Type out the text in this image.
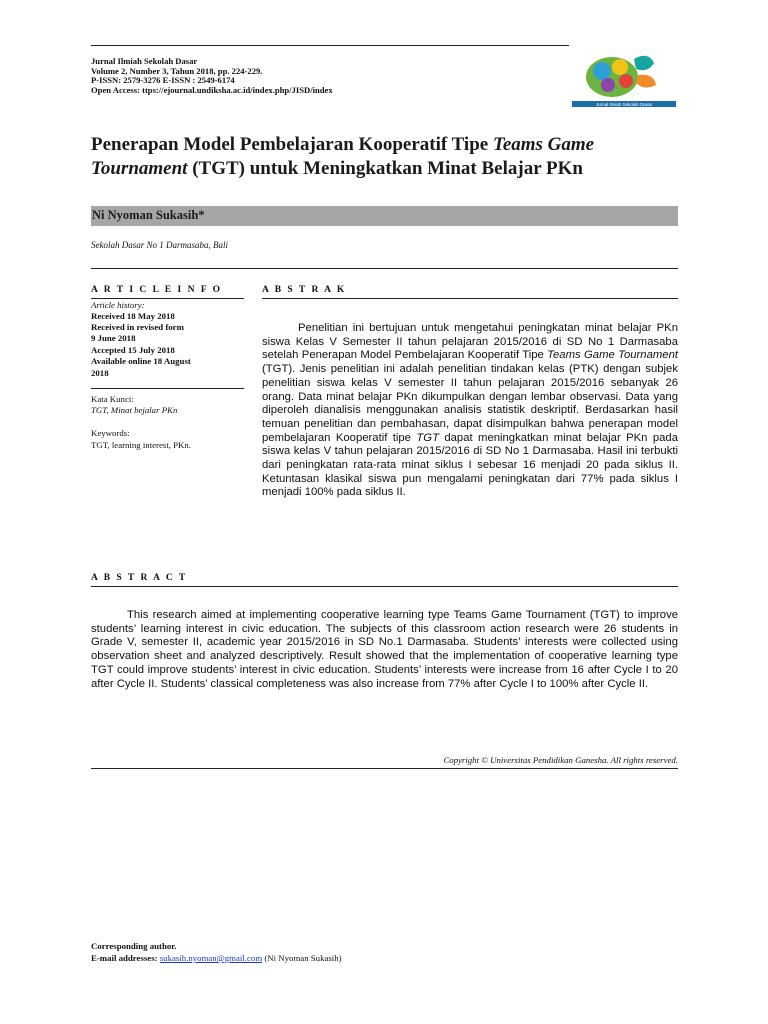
Jurnal Ilmiah Sekolah Dasar
Volume 2, Number 3, Tahun 2018, pp. 224-229.
P-ISSN: 2579-3276 E-ISSN : 2549-6174
Open Access: ttps://ejournal.undiksha.ac.id/index.php/JISD/index
Jurnal Ilmiah Sekolah Dasar
Penerapan Model Pembelajaran Kooperatif Tipe Teams Game Tournament (TGT) untuk Meningkatkan Minat Belajar PKn
Ni Nyoman Sukasih*
Sekolah Dasar No 1 Darmasaba, Bali
A R T I C L E I N F O
Article history:
Received 18 May 2018
Received in revised form
9 June 2018
Accepted 15 July 2018
Available online 18 August
2018
Kata Kunci:
TGT, Minat bejalar PKn
Keywords:
TGT, learning interest, PKn.
A B S T R A K
Penelitian ini bertujuan untuk mengetahui peningkatan minat belajar PKn siswa Kelas V Semester II tahun pelajaran 2015/2016 di SD No 1 Darmasaba setelah Penerapan Model Pembelajaran Kooperatif Tipe Teams Game Tournament (TGT). Jenis penelitian ini adalah penelitian tindakan kelas (PTK) dengan subjek penelitian siswa kelas V semester II tahun pelajaran 2015/2016 sebanyak 26 orang. Data minat belajar PKn dikumpulkan dengan lembar observasi. Data yang diperoleh dianalisis menggunakan analisis statistik deskriptif. Berdasarkan hasil temuan penelitian dan pembahasan, dapat disimpulkan bahwa penerapan model pembelajaran Kooperatif tipe TGT dapat meningkatkan minat belajar PKn pada siswa kelas V tahun pelajaran 2015/2016 di SD No 1 Darmasaba. Hasil ini terbukti dari peningkatan rata-rata minat siklus I sebesar 16 menjadi 20 pada siklus II. Ketuntasan klasikal siswa pun mengalami peningkatan dari 77% pada siklus I menjadi 100% pada siklus II.
A B S T R A C T
This research aimed at implementing cooperative learning type Teams Game Tournament (TGT) to improve students’ learning interest in civic education. The subjects of this classroom action research were 26 students in Grade V, semester II, academic year 2015/2016 in SD No.1 Darmasaba. Students’ interests were collected using observation sheet and analyzed descriptively. Result showed that the implementation of cooperative learning type TGT could improve students’ interest in civic education. Students’ interests were increase from 16 after Cycle I to 20 after Cycle II. Students’ classical completeness was also increase from 77% after Cycle I to 100% after Cycle II.
Copyright © Universitas Pendidikan Ganesha. All rights reserved.
Corresponding author.
E-mail addresses: sukasih.nyoman@gmail.com (Ni Nyoman Sukasih)
